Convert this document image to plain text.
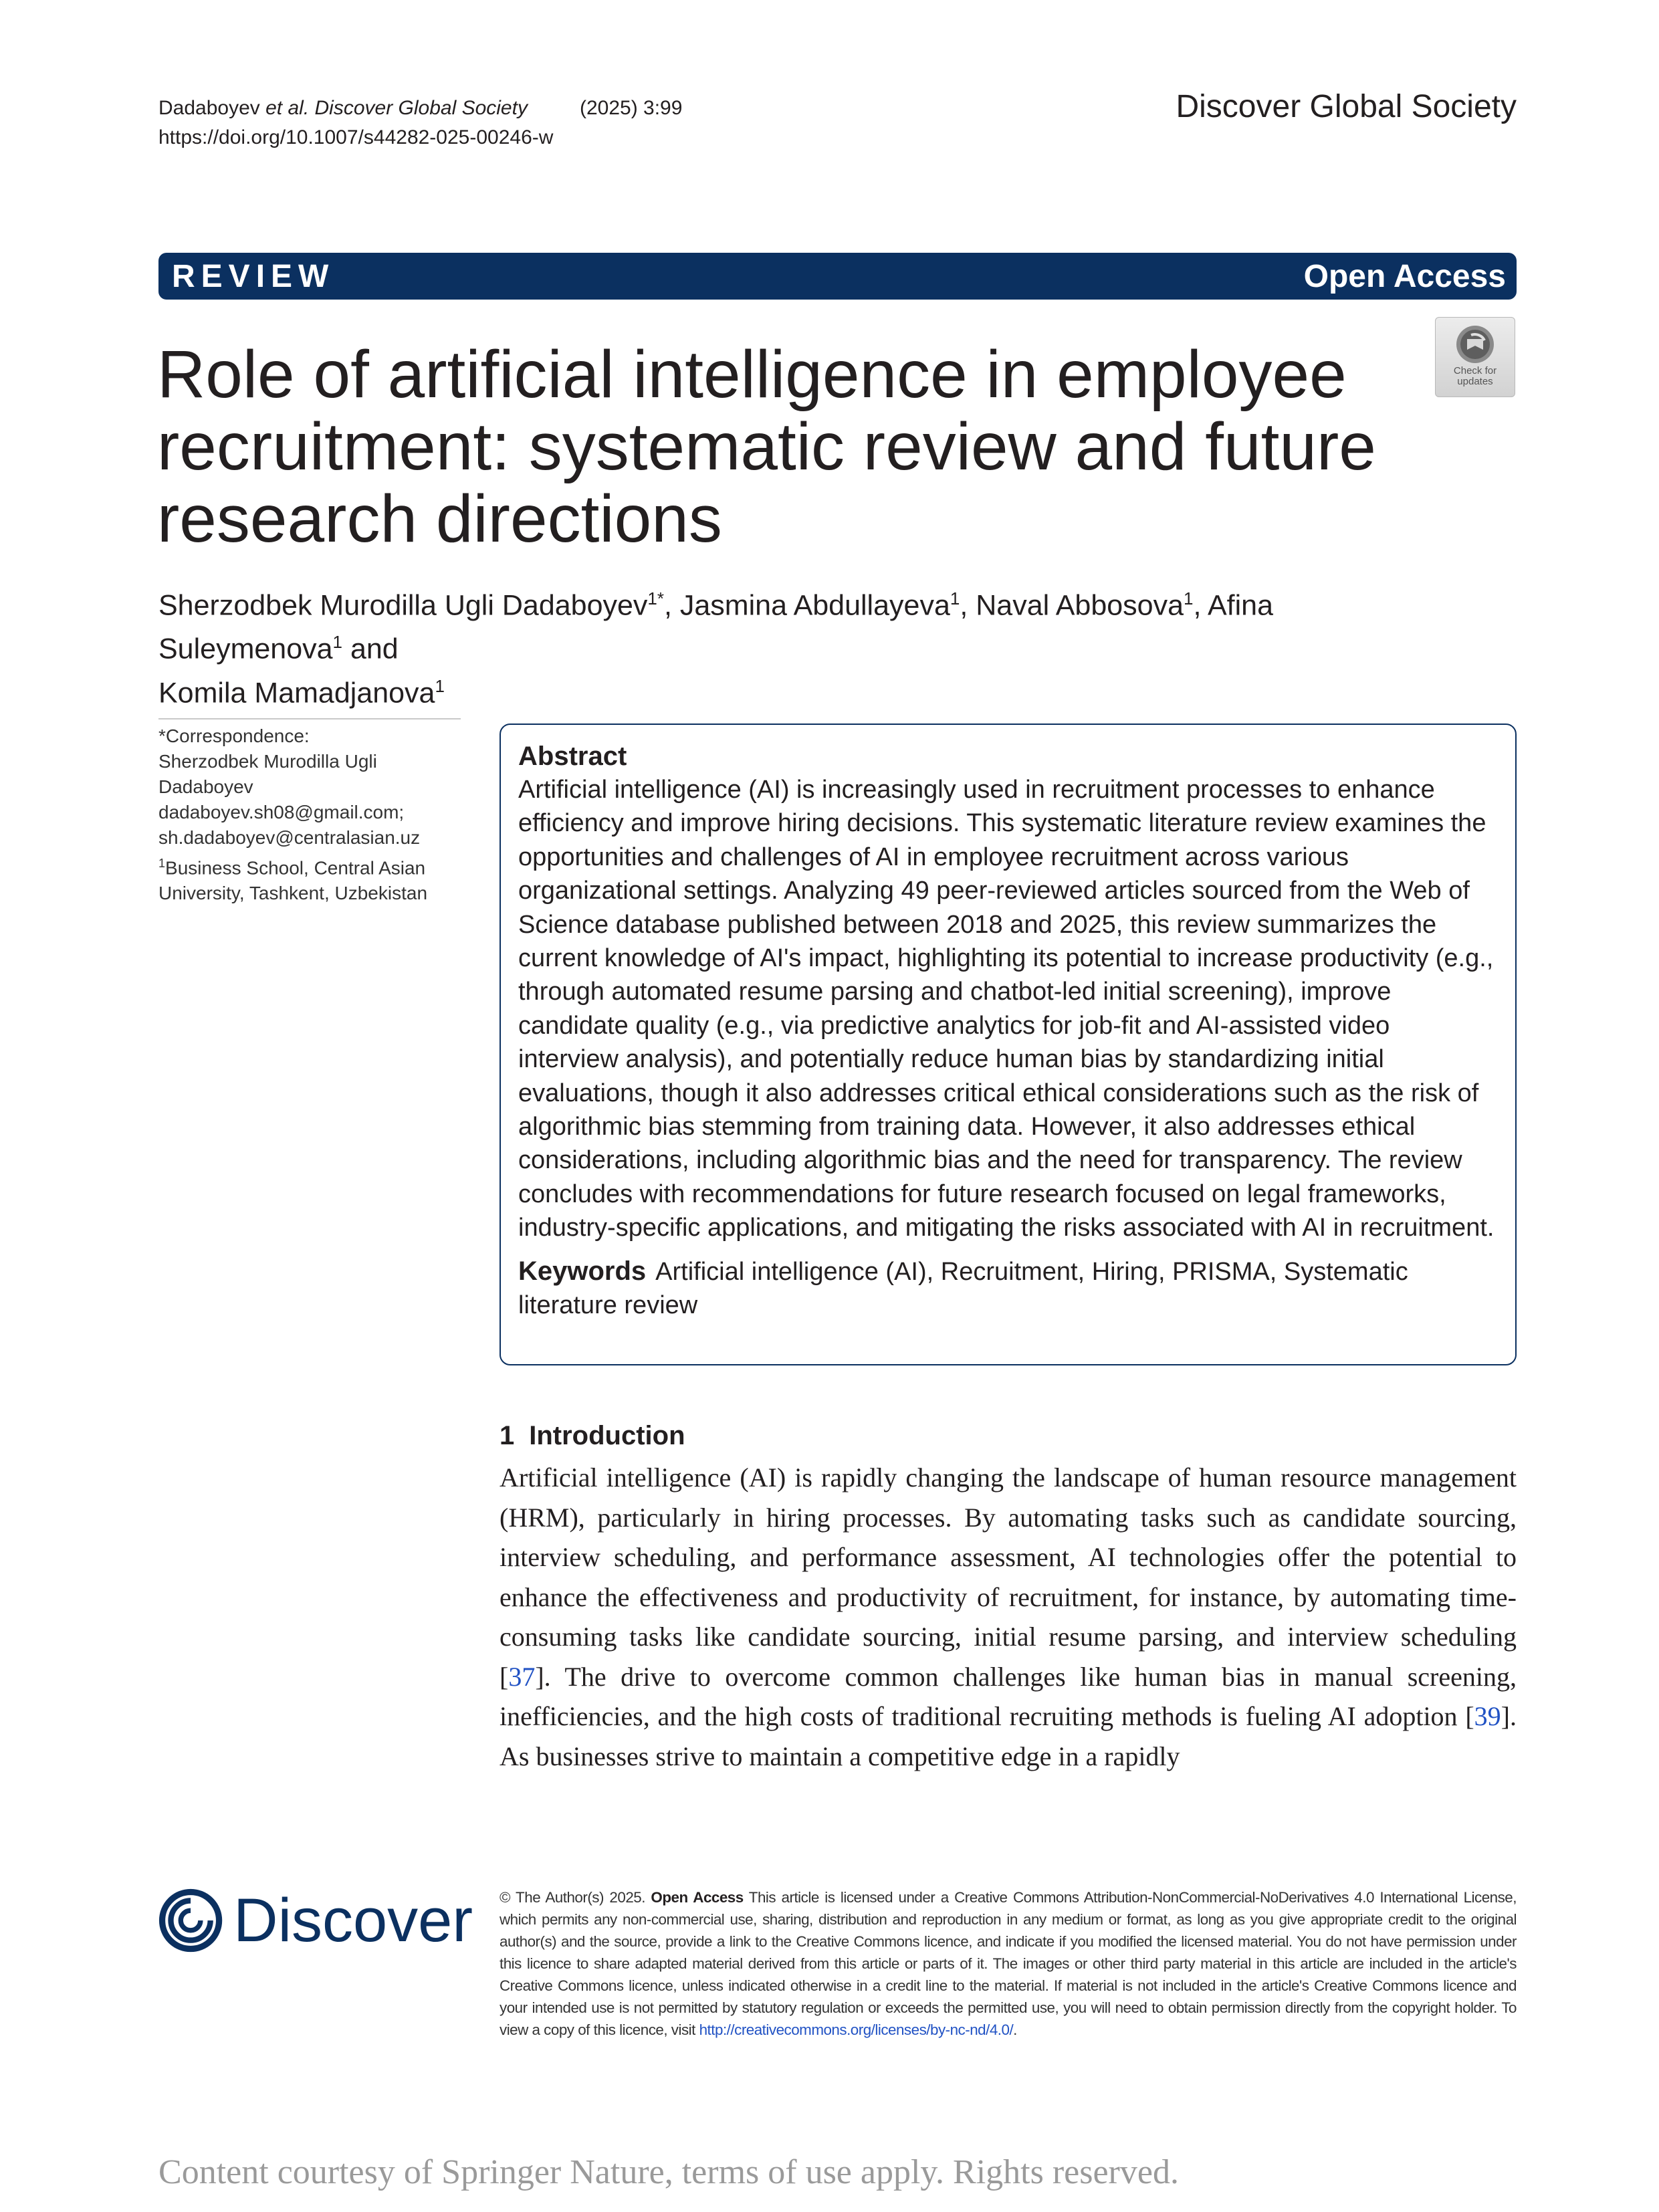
Dadaboyev et al. Discover Global Society	(2025) 3:99
https://doi.org/10.1007/s44282-025-00246-w
Discover Global Society
REVIEW	Open Access
Check for updates
Role of artificial intelligence in employee recruitment: systematic review and future research directions
Sherzodbek Murodilla Ugli Dadaboyev$^{1*}$, Jasmina Abdullayeva$^1$, Naval Abbosova$^1$, Afina Suleymenova$^1$ and
Komila Mamadjanova$^1$
*Correspondence:
Sherzodbek Murodilla Ugli Dadaboyev
dadaboyev.sh08@gmail.com;
sh.dadaboyev@centralasian.uz
$^1$Business School, Central Asian University, Tashkent, Uzbekistan
Abstract
Artificial intelligence (AI) is increasingly used in recruitment processes to enhance efficiency and improve hiring decisions. This systematic literature review examines the opportunities and challenges of AI in employee recruitment across various organizational settings. Analyzing 49 peer-reviewed articles sourced from the Web of Science database published between 2018 and 2025, this review summarizes the current knowledge of AI's impact, highlighting its potential to increase productivity (e.g., through automated resume parsing and chatbot-led initial screening), improve candidate quality (e.g., via predictive analytics for job-fit and AI-assisted video interview analysis), and potentially reduce human bias by standardizing initial evaluations, though it also addresses critical ethical considerations such as the risk of algorithmic bias stemming from training data. However, it also addresses ethical considerations, including algorithmic bias and the need for transparency. The review concludes with recommendations for future research focused on legal frameworks, industry-specific applications, and mitigating the risks associated with AI in recruitment.
Keywords Artificial intelligence (AI), Recruitment, Hiring, PRISMA, Systematic literature review
1 Introduction
Artificial intelligence (AI) is rapidly changing the landscape of human resource management (HRM), particularly in hiring processes. By automating tasks such as candidate sourcing, interview scheduling, and performance assessment, AI technologies offer the potential to enhance the effectiveness and productivity of recruitment, for instance, by automating time-consuming tasks like candidate sourcing, initial resume parsing, and interview scheduling [37]. The drive to overcome common challenges like human bias in manual screening, inefficiencies, and the high costs of traditional recruiting methods is fueling AI adoption [39]. As businesses strive to maintain a competitive edge in a rapidly
Discover © The Author(s) 2025. Open Access This article is licensed under a Creative Commons Attribution-NonCommercial-NoDerivatives 4.0 International License, which permits any non-commercial use, sharing, distribution and reproduction in any medium or format, as long as you give appropriate credit to the original author(s) and the source, provide a link to the Creative Commons licence, and indicate if you modified the licensed material. You do not have permission under this licence to share adapted material derived from this article or parts of it. The images or other third party material in this article are included in the article's Creative Commons licence, unless indicated otherwise in a credit line to the material. If material is not included in the article's Creative Commons licence and your intended use is not permitted by statutory regulation or exceeds the permitted use, you will need to obtain permission directly from the copyright holder. To view a copy of this licence, visit http://creativecommons.org/licenses/by-nc-nd/4.0/.
Content courtesy of Springer Nature, terms of use apply. Rights reserved.
